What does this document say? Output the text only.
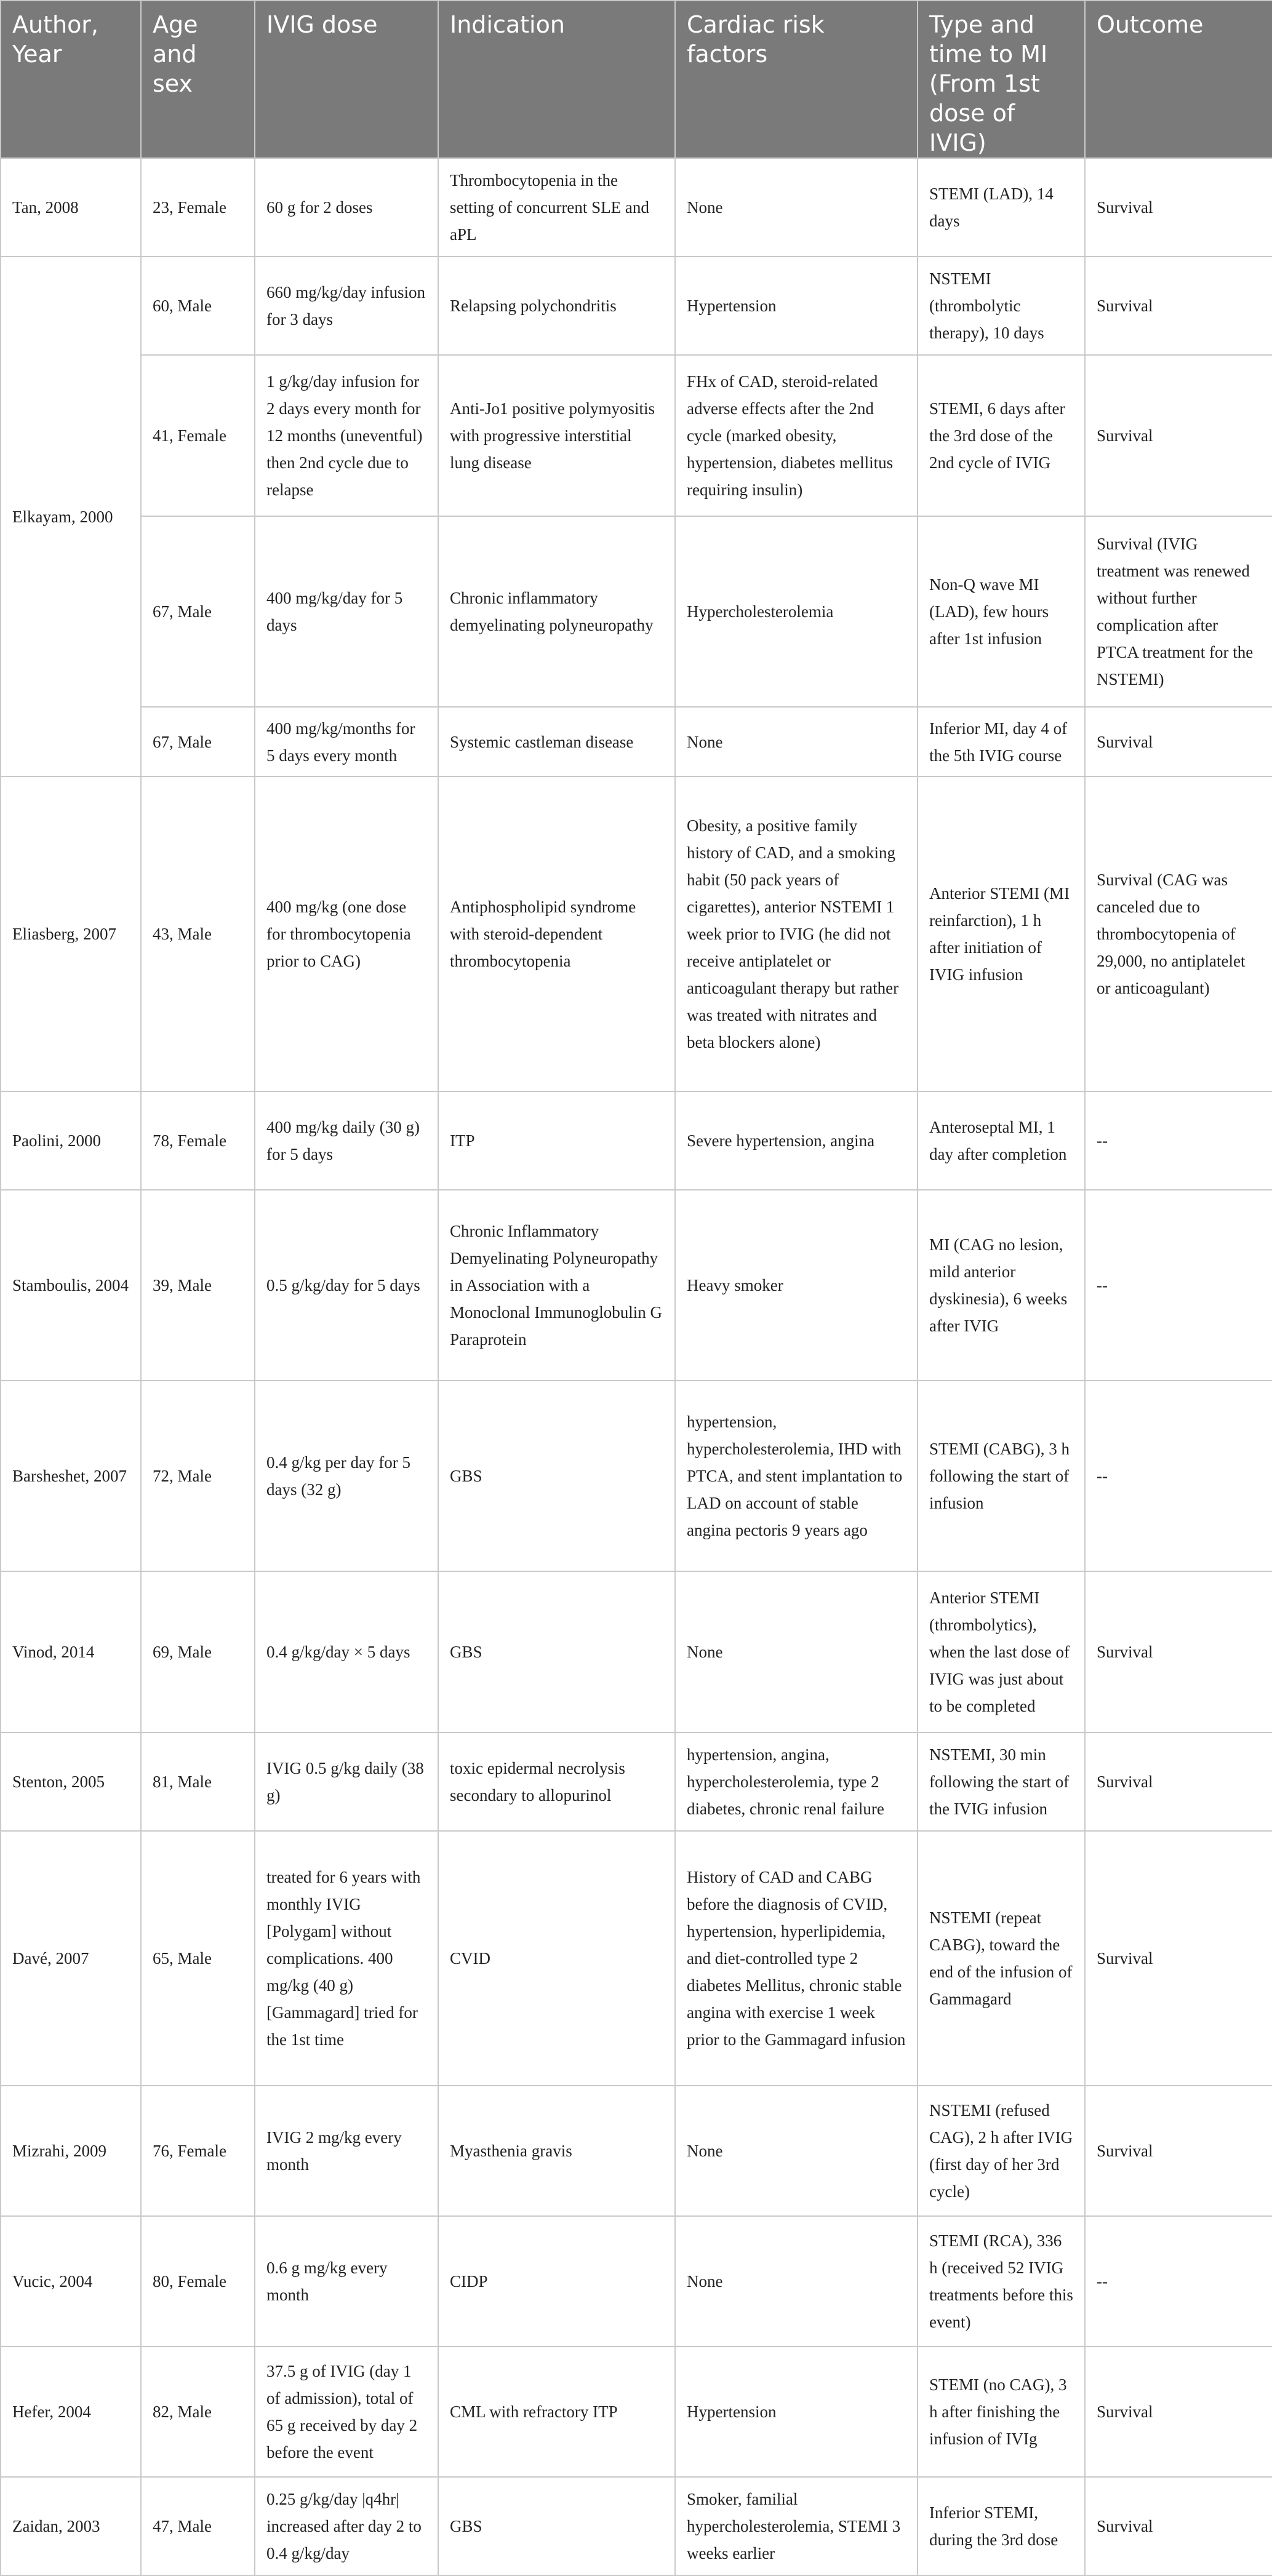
Author, Year	Age and sex	IVIG dose	Indication	Cardiac risk factors	Type and time to MI (From 1st dose of IVIG)	Outcome
Tan, 2008	23, Female	60 g for 2 doses	Thrombocytopenia in the setting of concurrent SLE and aPL	None	STEMI (LAD), 14 days	Survival
Elkayam, 2000	60, Male	660 mg/kg/day infusion for 3 days	Relapsing polychondritis	Hypertension	NSTEMI (thrombolytic therapy), 10 days	Survival
	41, Female	1 g/kg/day infusion for 2 days every month for 12 months (uneventful) then 2nd cycle due to relapse	Anti-Jo1 positive polymyositis with progressive interstitial lung disease	FHx of CAD, steroid-related adverse effects after the 2nd cycle (marked obesity, hypertension, diabetes mellitus requiring insulin)	STEMI, 6 days after the 3rd dose of the 2nd cycle of IVIG	Survival
	67, Male	400 mg/kg/day for 5 days	Chronic inflammatory demyelinating polyneuropathy	Hypercholesterolemia	Non-Q wave MI (LAD), few hours after 1st infusion	Survival (IVIG treatment was renewed without further complication after PTCA treatment for the NSTEMI)
	67, Male	400 mg/kg/months for 5 days every month	Systemic castleman disease	None	Inferior MI, day 4 of the 5th IVIG course	Survival
Eliasberg, 2007	43, Male	400 mg/kg (one dose for thrombocytopenia prior to CAG)	Antiphospholipid syndrome with steroid-dependent thrombocytopenia	Obesity, a positive family history of CAD, and a smoking habit (50 pack years of cigarettes), anterior NSTEMI 1 week prior to IVIG (he did not receive antiplatelet or anticoagulant therapy but rather was treated with nitrates and beta blockers alone)	Anterior STEMI (MI reinfarction), 1 h after initiation of IVIG infusion	Survival (CAG was canceled due to thrombocytopenia of 29,000, no antiplatelet or anticoagulant)
Paolini, 2000	78, Female	400 mg/kg daily (30 g) for 5 days	ITP	Severe hypertension, angina	Anteroseptal MI, 1 day after completion	--
Stamboulis, 2004	39, Male	0.5 g/kg/day for 5 days	Chronic Inflammatory Demyelinating Polyneuropathy in Association with a Monoclonal Immunoglobulin G Paraprotein	Heavy smoker	MI (CAG no lesion, mild anterior dyskinesia), 6 weeks after IVIG	--
Barsheshet, 2007	72, Male	0.4 g/kg per day for 5 days (32 g)	GBS	hypertension, hypercholesterolemia, IHD with PTCA, and stent implantation to LAD on account of stable angina pectoris 9 years ago	STEMI (CABG), 3 h following the start of infusion	--
Vinod, 2014	69, Male	0.4 g/kg/day × 5 days	GBS	None	Anterior STEMI (thrombolytics), when the last dose of IVIG was just about to be completed	Survival
Stenton, 2005	81, Male	IVIG 0.5 g/kg daily (38 g)	toxic epidermal necrolysis secondary to allopurinol	hypertension, angina, hypercholesterolemia, type 2 diabetes, chronic renal failure	NSTEMI, 30 min following the start of the IVIG infusion	Survival
Davé, 2007	65, Male	treated for 6 years with monthly IVIG [Polygam] without complications. 400 mg/kg (40 g) [Gammagard] tried for the 1st time	CVID	History of CAD and CABG before the diagnosis of CVID, hypertension, hyperlipidemia, and diet-controlled type 2 diabetes Mellitus, chronic stable angina with exercise 1 week prior to the Gammagard infusion	NSTEMI (repeat CABG), toward the end of the infusion of Gammagard	Survival
Mizrahi, 2009	76, Female	IVIG 2 mg/kg every month	Myasthenia gravis	None	NSTEMI (refused CAG), 2 h after IVIG (first day of her 3rd cycle)	Survival
Vucic, 2004	80, Female	0.6 g mg/kg every month	CIDP	None	STEMI (RCA), 336 h (received 52 IVIG treatments before this event)	--
Hefer, 2004	82, Male	37.5 g of IVIG (day 1 of admission), total of 65 g received by day 2 before the event	CML with refractory ITP	Hypertension	STEMI (no CAG), 3 h after finishing the infusion of IVIg	Survival
Zaidan, 2003	47, Male	0.25 g/kg/day |q4hr| increased after day 2 to 0.4 g/kg/day	GBS	Smoker, familial hypercholesterolemia, STEMI 3 weeks earlier	Inferior STEMI, during the 3rd dose	Survival
